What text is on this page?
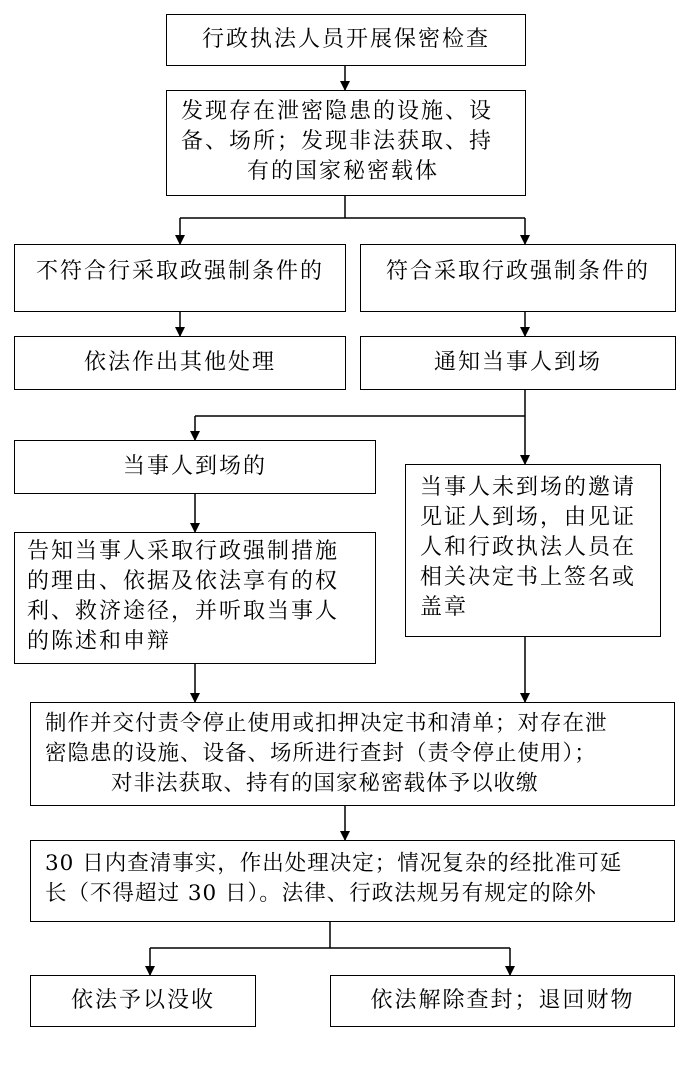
行政执法人员开展保密检查
发现存在泄密隐患的设施、设
备、场所；发现非法获取、持
有的国家秘密载体
不符合行采取政强制条件的	符合采取行政强制条件的
依法作出其他处理	通知当事人到场
当事人到场的
当事人未到场的邀请
见证人到场，由见证
人和行政执法人员在
相关决定书上签名或
盖章
告知当事人采取行政强制措施
的理由、依据及依法享有的权
利、救济途径，并听取当事人
的陈述和申辩
制作并交付责令停止使用或扣押决定书和清单；对存在泄
密隐患的设施、设备、场所进行查封（责令停止使用）；
对非法获取、持有的国家秘密载体予以收缴
30 日内查清事实，作出处理决定；情况复杂的经批准可延
长（不得超过 30 日）。法律、行政法规另有规定的除外
依法予以没收	依法解除查封；退回财物
